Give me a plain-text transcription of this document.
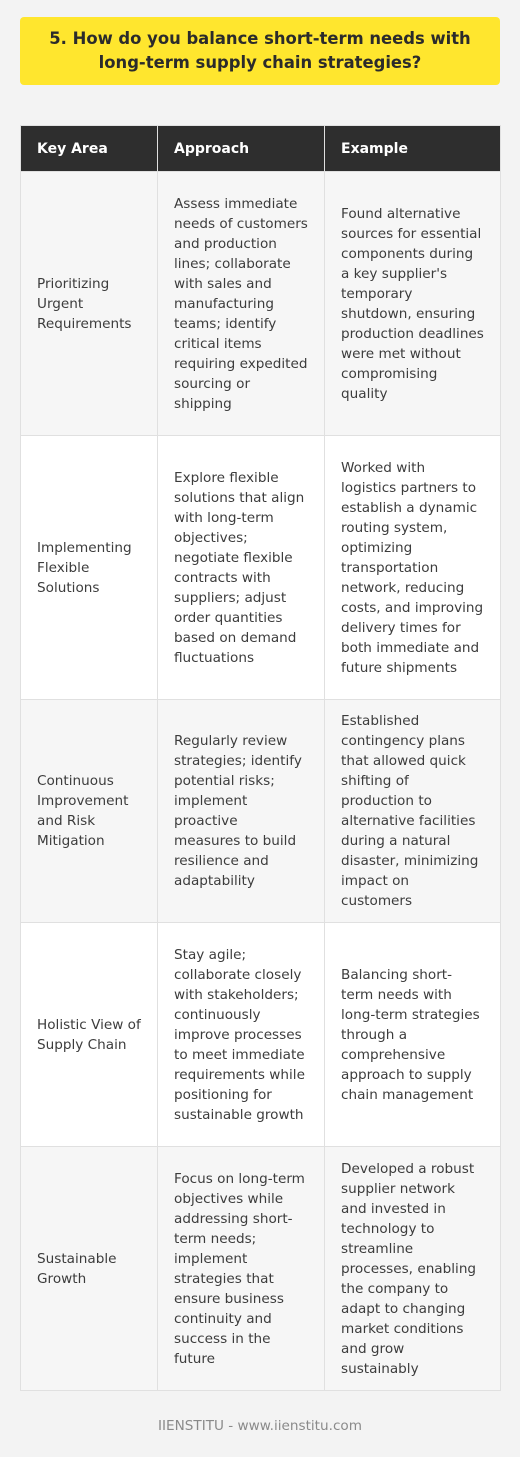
5. How do you balance short-term needs with long-term supply chain strategies?
Key Area	Approach	Example
Prioritizing Urgent Requirements	Assess immediate needs of customers and production lines; collaborate with sales and manufacturing teams; identify critical items requiring expedited sourcing or shipping	Found alternative sources for essential components during a key supplier's temporary shutdown, ensuring production deadlines were met without compromising quality
Implementing Flexible Solutions	Explore flexible solutions that align with long-term objectives; negotiate flexible contracts with suppliers; adjust order quantities based on demand fluctuations	Worked with logistics partners to establish a dynamic routing system, optimizing transportation network, reducing costs, and improving delivery times for both immediate and future shipments
Continuous Improvement and Risk Mitigation	Regularly review strategies; identify potential risks; implement proactive measures to build resilience and adaptability	Established contingency plans that allowed quick shifting of production to alternative facilities during a natural disaster, minimizing impact on customers
Holistic View of Supply Chain	Stay agile; collaborate closely with stakeholders; continuously improve processes to meet immediate requirements while positioning for sustainable growth	Balancing short-term needs with long-term strategies through a comprehensive approach to supply chain management
Sustainable Growth	Focus on long-term objectives while addressing short-term needs; implement strategies that ensure business continuity and success in the future	Developed a robust supplier network and invested in technology to streamline processes, enabling the company to adapt to changing market conditions and grow sustainably
IIENSTITU - www.iienstitu.com
